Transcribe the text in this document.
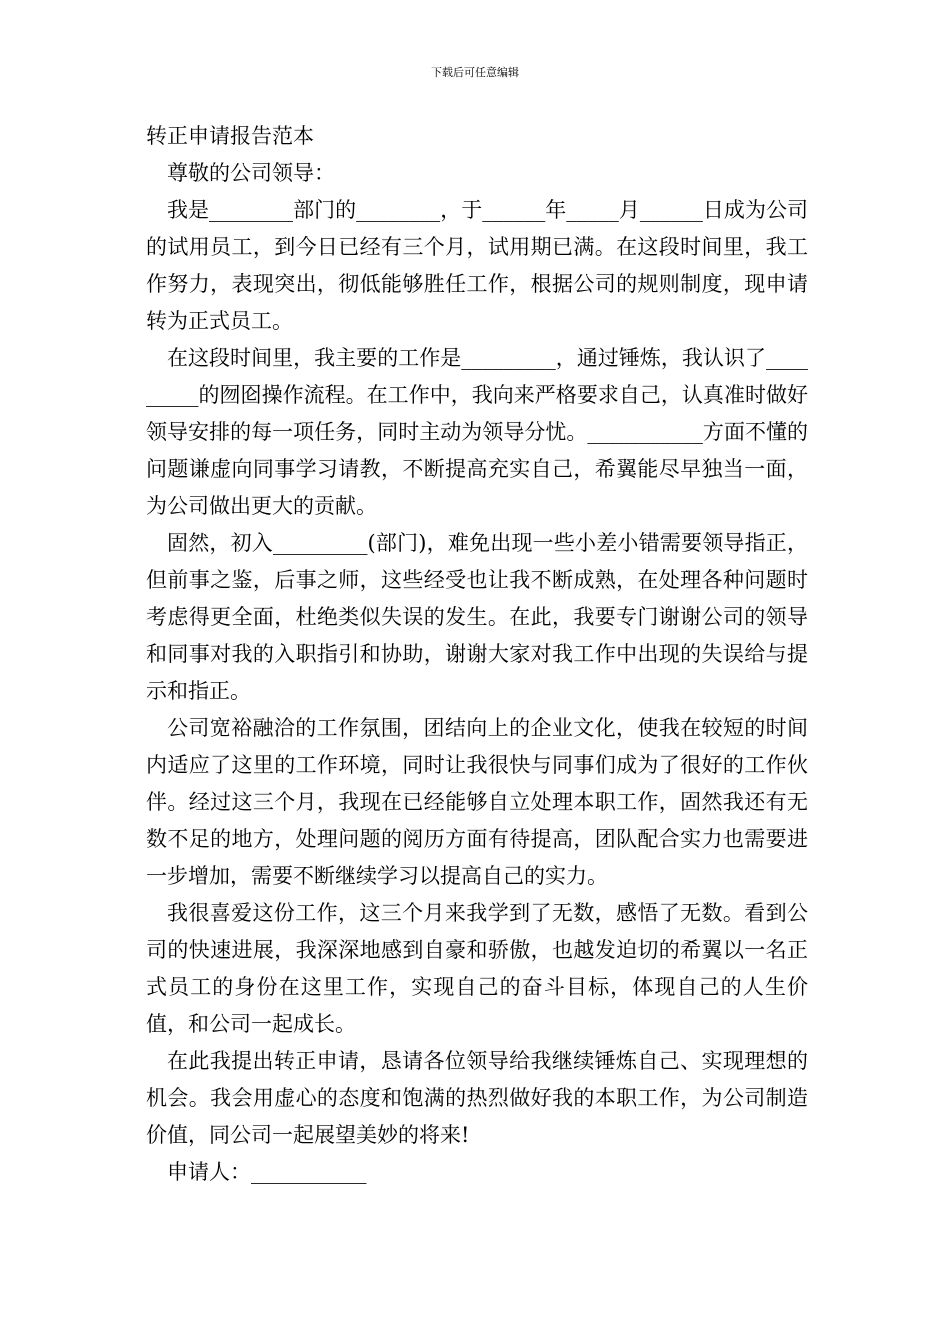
下载后可任意编辑

转正申请报告范本

尊敬的公司领导：

我是________部门的________，于______年_____月______日成为公司的试用员工，到今日已经有三个月，试用期已满。在这段时间里，我工作努力，表现突出，彻低能够胜任工作，根据公司的规则制度，现申请转为正式员工。

在这段时间里，我主要的工作是_________，通过锤炼，我认识了_________的囫囵操作流程。在工作中，我向来严格要求自己，认真准时做好领导安排的每一项任务，同时主动为领导分忧。___________方面不懂的问题谦虚向同事学习请教，不断提高充实自己，希翼能尽早独当一面，为公司做出更大的贡献。

固然，初入_________(部门)，难免出现一些小差小错需要领导指正，但前事之鉴，后事之师，这些经受也让我不断成熟，在处理各种问题时考虑得更全面，杜绝类似失误的发生。在此，我要专门谢谢公司的领导和同事对我的入职指引和协助，谢谢大家对我工作中出现的失误给与提示和指正。

公司宽裕融洽的工作氛围，团结向上的企业文化，使我在较短的时间内适应了这里的工作环境，同时让我很快与同事们成为了很好的工作伙伴。经过这三个月，我现在已经能够自立处理本职工作，固然我还有无数不足的地方，处理问题的阅历方面有待提高，团队配合实力也需要进一步增加，需要不断继续学习以提高自己的实力。

我很喜爱这份工作，这三个月来我学到了无数，感悟了无数。看到公司的快速进展，我深深地感到自豪和骄傲，也越发迫切的希翼以一名正式员工的身份在这里工作，实现自己的奋斗目标，体现自己的人生价值，和公司一起成长。

在此我提出转正申请，恳请各位领导给我继续锤炼自己、实现理想的机会。我会用虚心的态度和饱满的热烈做好我的本职工作，为公司制造价值，同公司一起展望美妙的将来!

申请人：___________
